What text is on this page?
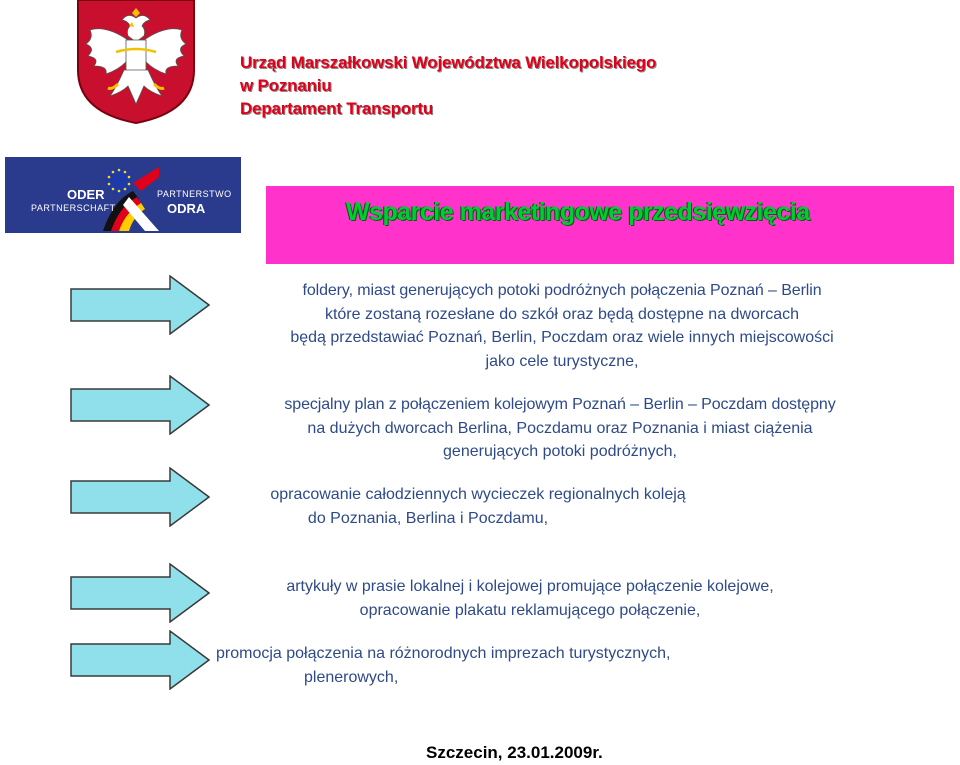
Urząd Marszałkowski Województwa Wielkopolskiego
w Poznaniu
Departament Transportu
ODER
PARTNERSCHAFT
PARTNERSTWO
ODRA	Wsparcie marketingowe przedsięwzięcia
foldery, miast generujących potoki podróżnych połączenia Poznań – Berlin
które zostaną rozesłane do szkół oraz będą dostępne na dworcach
będą przedstawiać Poznań, Berlin, Poczdam oraz wiele innych miejscowości
jako cele turystyczne,
specjalny plan z połączeniem kolejowym Poznań – Berlin – Poczdam dostępny
na dużych dworcach Berlina, Poczdamu oraz Poznania i miast ciążenia
generujących potoki podróżnych,
opracowanie całodziennych wycieczek regionalnych koleją
do Poznania, Berlina i Poczdamu,
artykuły w prasie lokalnej i kolejowej promujące połączenie kolejowe,
opracowanie plakatu reklamującego połączenie,
promocja połączenia na różnorodnych imprezach turystycznych,
plenerowych,
Szczecin, 23.01.2009r.
